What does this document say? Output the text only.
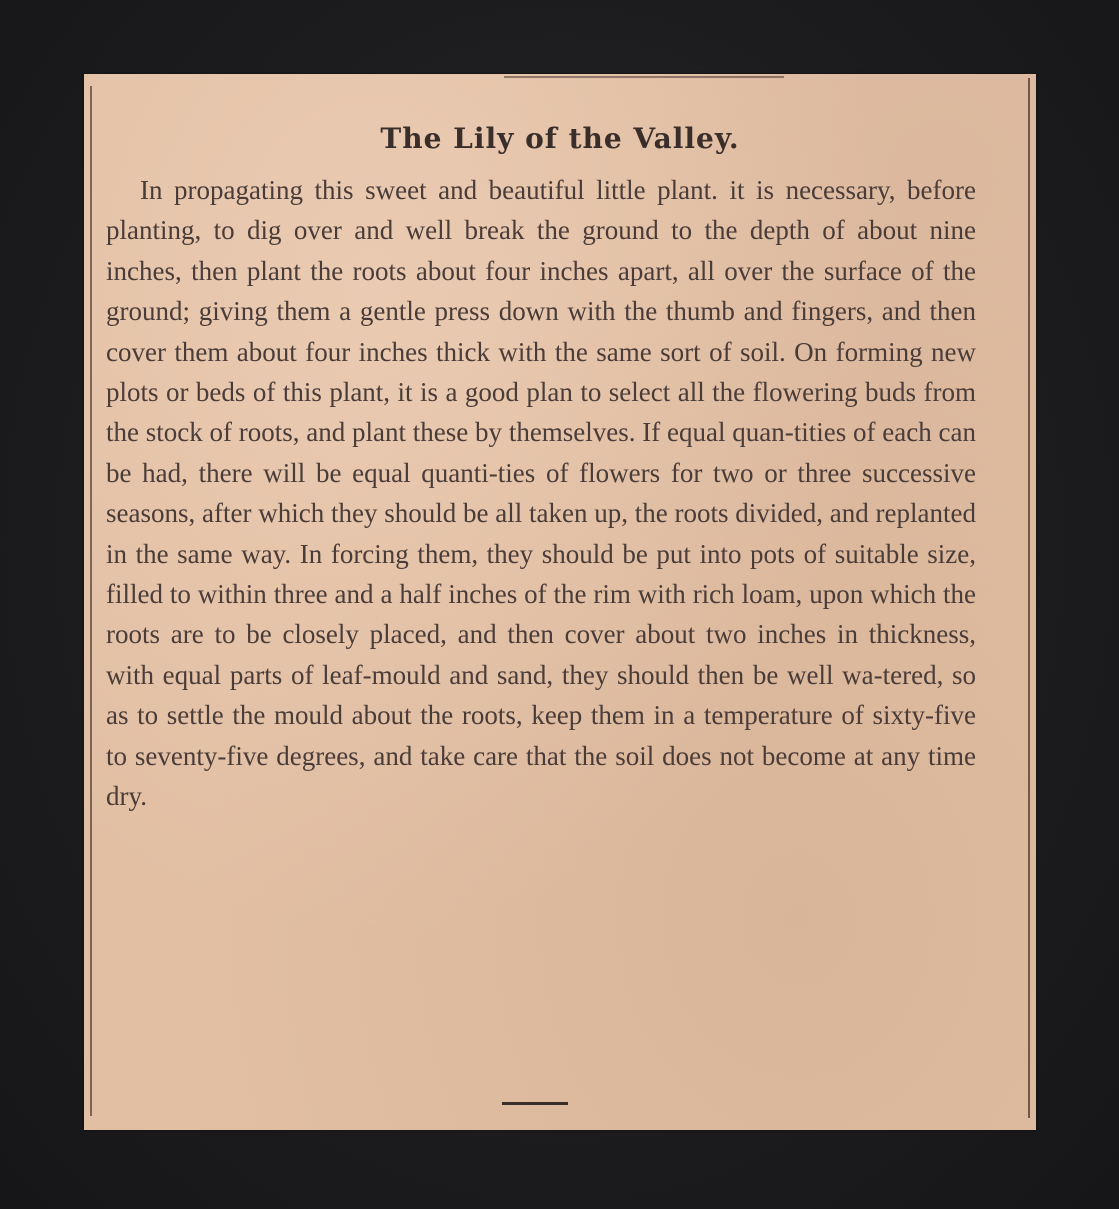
The Lily of the Valley.

In propagating this sweet and beautiful little plant. it is necessary, before planting, to dig over and well break the ground to the depth of about nine inches, then plant the roots about four inches apart, all over the surface of the ground; giving them a gentle press down with the thumb and fingers, and then cover them about four inches thick with the same sort of soil. On forming new plots or beds of this plant, it is a good plan to select all the flowering buds from the stock of roots, and plant these by themselves. If equal quan-tities of each can be had, there will be equal quanti-ties of flowers for two or three successive seasons, after which they should be all taken up, the roots divided, and replanted in the same way. In forcing them, they should be put into pots of suitable size, filled to within three and a half inches of the rim with rich loam, upon which the roots are to be closely placed, and then cover about two inches in thickness, with equal parts of leaf-mould and sand, they should then be well wa-tered, so as to settle the mould about the roots, keep them in a temperature of sixty-five to seventy-five degrees, and take care that the soil does not become at any time dry.
